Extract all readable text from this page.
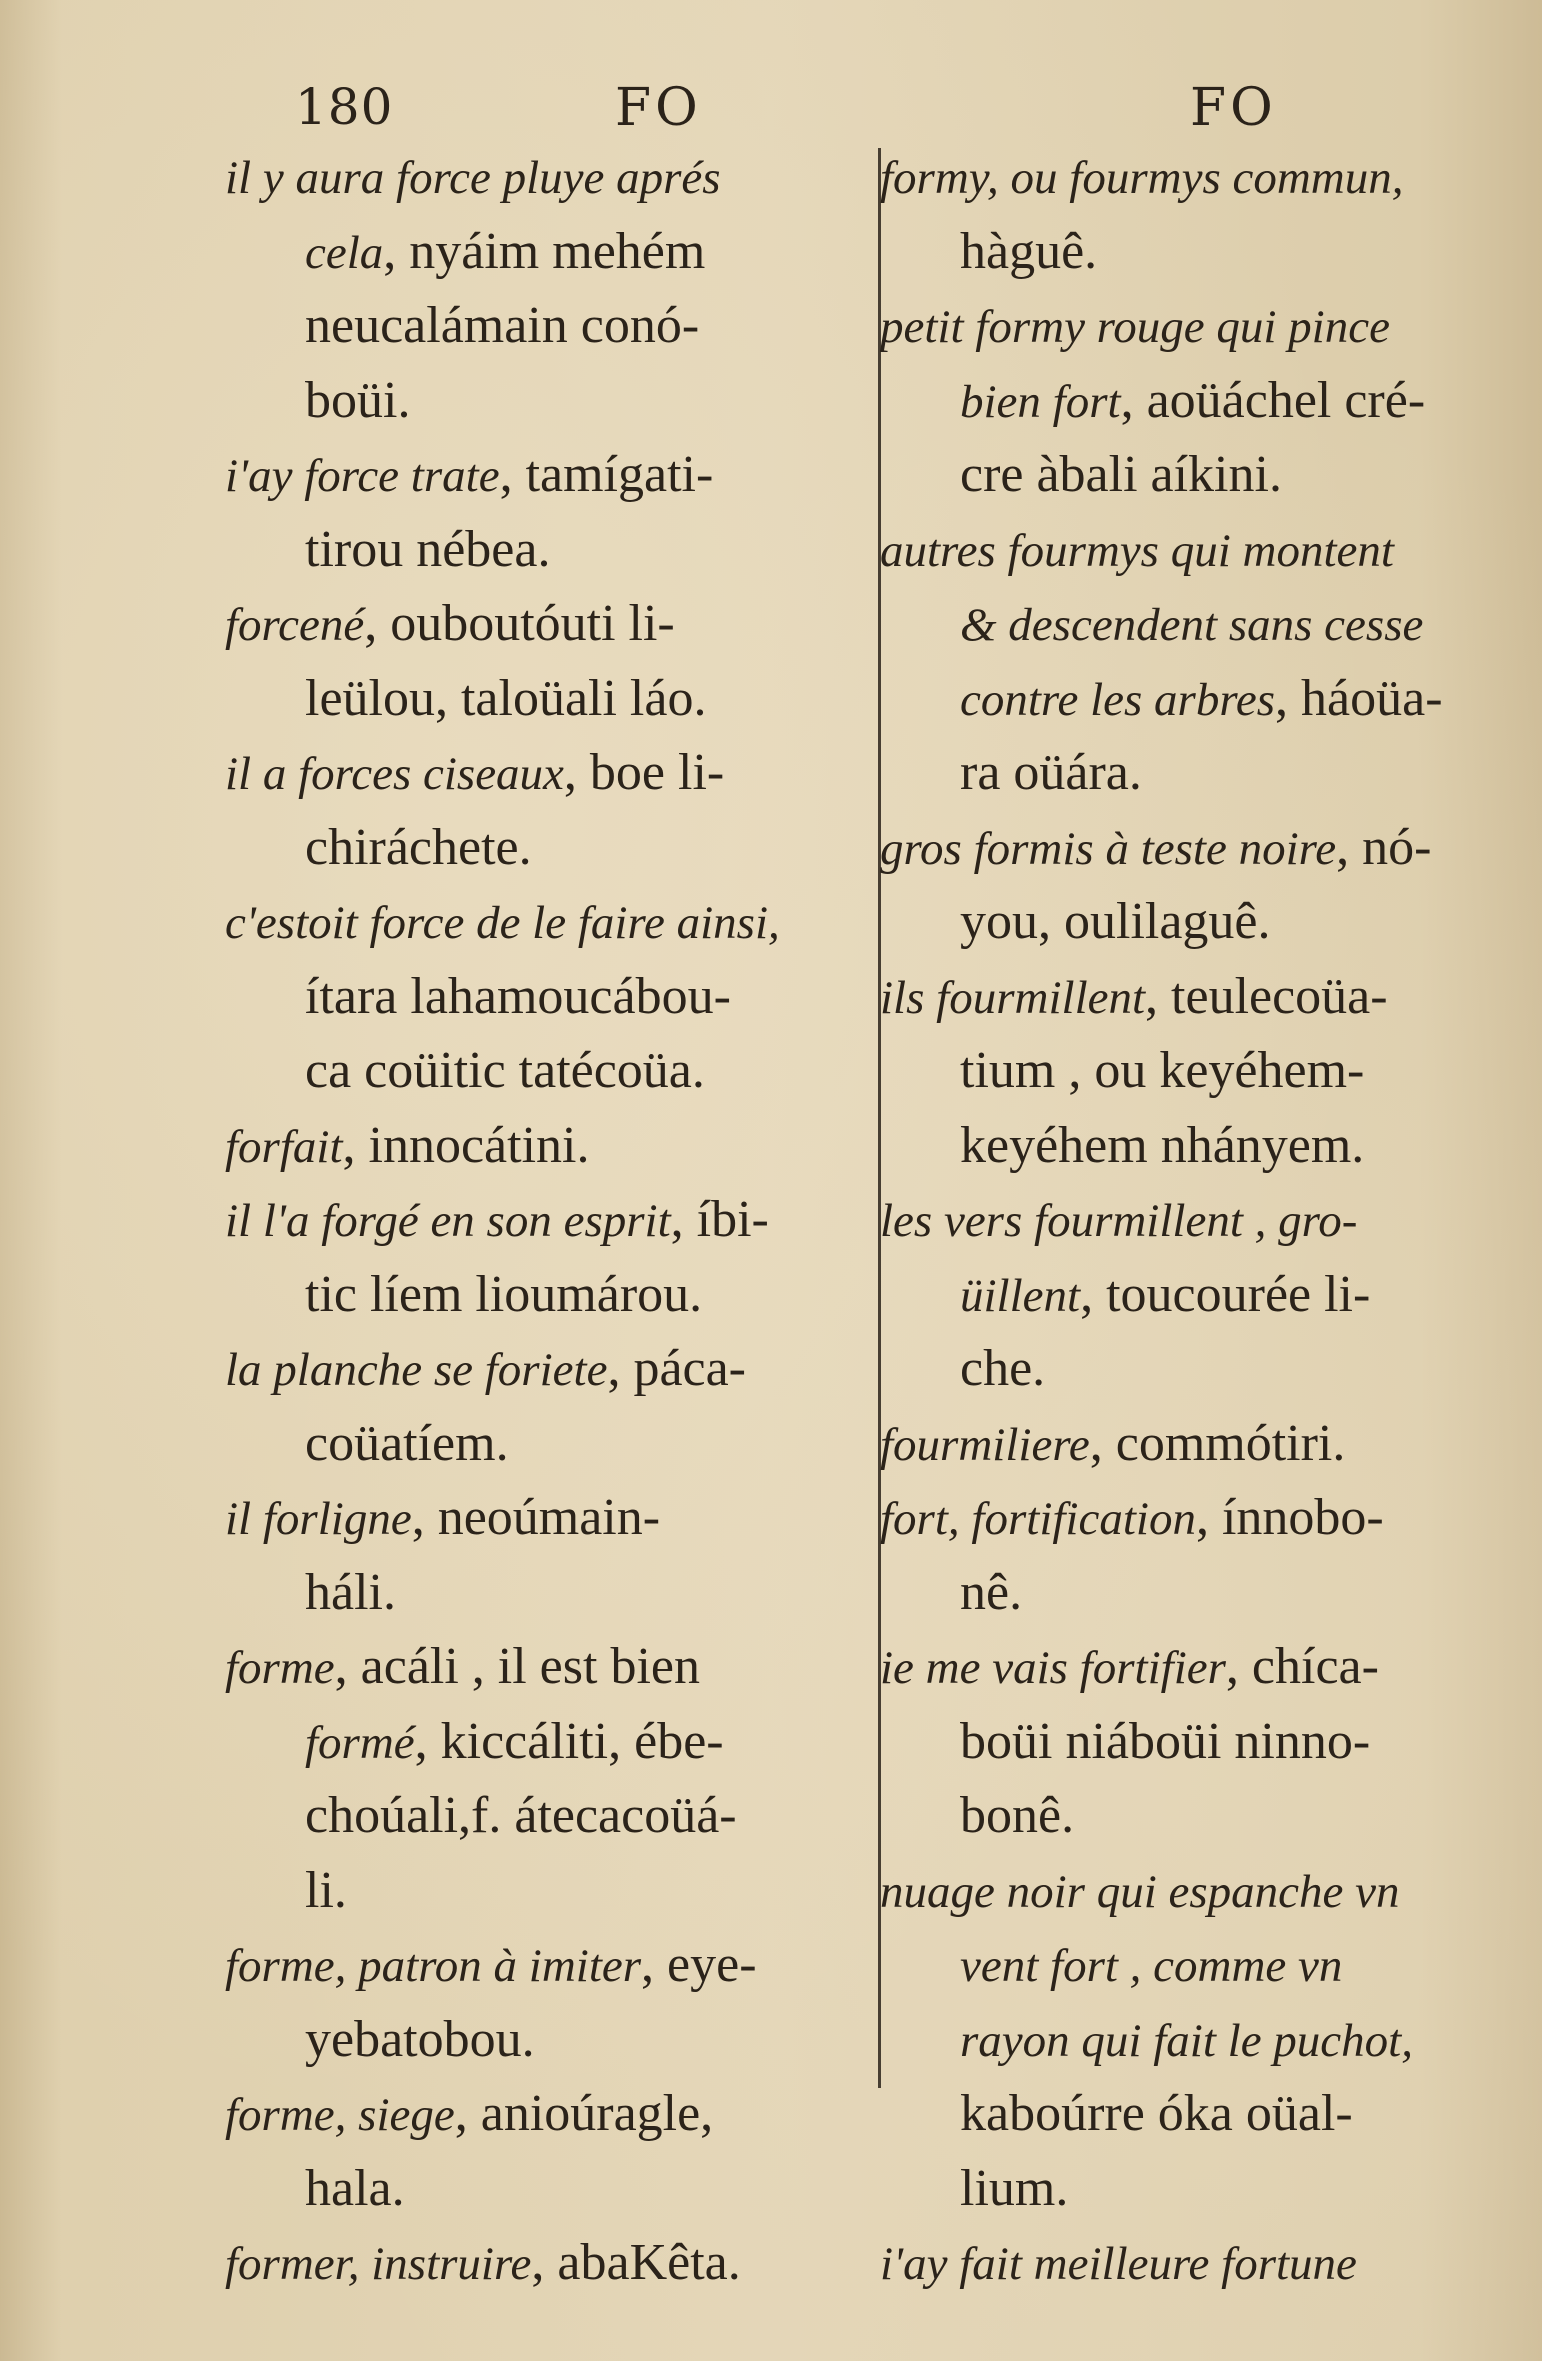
180	FO	FO
il y aura force pluye aprés
cela, nyáim mehém
neucalámain conó-
boüi.
i'ay force trate, tamígati-
tirou nébea.
forcené, ouboutóuti li-
leülou, taloüali láo.
il a forces ciseaux, boe li-
chiráchete.
c'estoit force de le faire ainsi,
ítara lahamoucábou-
ca coüitic tatécoüa.
forfait, innocátini.
il l'a forgé en son esprit, íbi-
tic líem lioumárou.
la planche se foriete, páca-
coüatíem.
il forligne, neoúmain-
háli.
forme, acáli , il est bien
formé, kiccáliti, ébe-
choúali,f. átecacoüá-
li.
forme, patron à imiter, eye-
yebatobou.
forme, siege, anioúragle,
hala.
former, instruire, abaKêta.
formy, ou fourmys commun,
hàguê.
petit formy rouge qui pince
bien fort, aoüáchel cré-
cre àbali aíkini.
autres fourmys qui montent
& descendent sans cesse
contre les arbres, háoüa-
ra oüára.
gros formis à teste noire, nó-
you, oulilaguê.
ils fourmillent, teulecoüa-
tium , ou keyéhem-
keyéhem nhányem.
les vers fourmillent , gro-
üillent, toucourée li-
che.
fourmiliere, commótiri.
fort, fortification, ínnobo-
nê.
ie me vais fortifier, chíca-
boüi niáboüi ninno-
bonê.
nuage noir qui espanche vn
vent fort , comme vn
rayon qui fait le puchot,
kaboúrre óka oüal-
lium.
i'ay fait meilleure fortune
